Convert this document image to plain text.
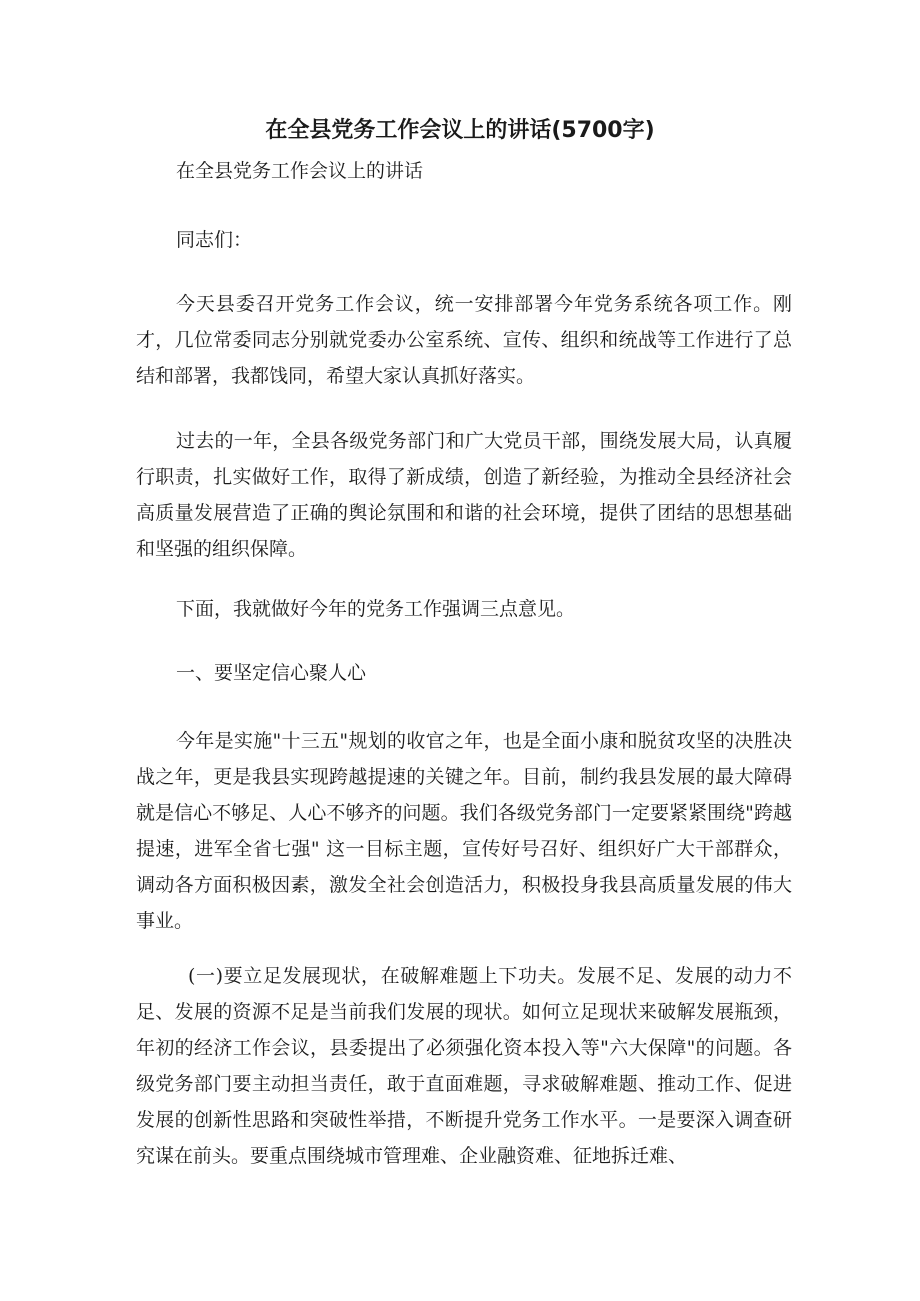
在全县党务工作会议上的讲话(5700字)

在全县党务工作会议上的讲话

同志们：

今天县委召开党务工作会议，统一安排部署今年党务系统各项工作。刚才，几位常委同志分别就党委办公室系统、宣传、组织和统战等工作进行了总结和部署，我都饯同，希望大家认真抓好落实。

过去的一年，全县各级党务部门和广大党员干部，围绕发展大局，认真履行职责，扎实做好工作，取得了新成绩，创造了新经验，为推动全县经济社会高质量发展营造了正确的舆论氛围和和谐的社会环境，提供了团结的思想基础和坚强的组织保障。

下面，我就做好今年的党务工作强调三点意见。

一、要坚定信心聚人心

今年是实施"十三五"规划的收官之年，也是全面小康和脱贫攻坚的决胜决战之年，更是我县实现跨越提速的关键之年。目前，制约我县发展的最大障碍就是信心不够足、人心不够齐的问题。我们各级党务部门一定要紧紧围绕"跨越提速，进军全省七强" 这一目标主题，宣传好号召好、组织好广大干部群众，调动各方面积极因素，激发全社会创造活力，积极投身我县高质量发展的伟大事业。

(一)要立足发展现状，在破解难题上下功夫。发展不足、发展的动力不足、发展的资源不足是当前我们发展的现状。如何立足现状来破解发展瓶颈，年初的经济工作会议，县委提出了必须强化资本投入等"六大保障"的问题。各级党务部门要主动担当责任，敢于直面难题，寻求破解难题、推动工作、促进发展的创新性思路和突破性举措，不断提升党务工作水平。一是要深入调查研究谋在前头。要重点围绕城市管理难、企业融资难、征地拆迁难、
